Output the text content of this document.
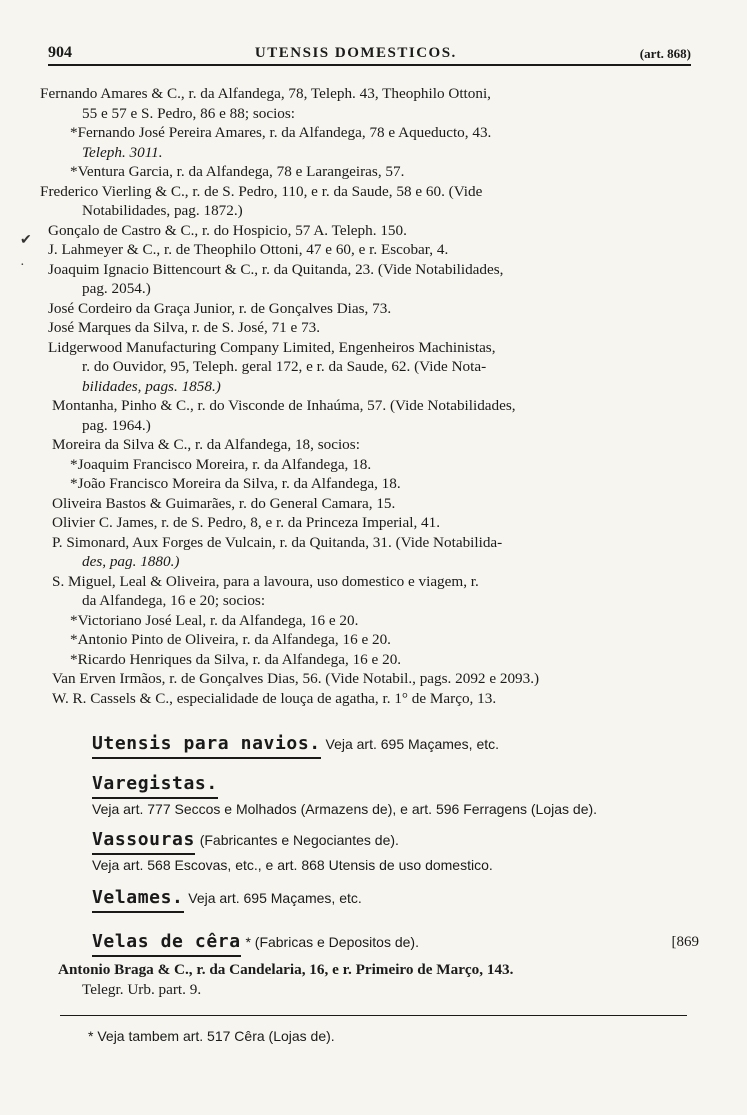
904	UTENSIS DOMESTICOS.	(art. 868)
Fernando Amares & C., r. da Alfandega, 78, Teleph. 43, Theophilo Ottoni,
55 e 57 e S. Pedro, 86 e 88; socios:
*Fernando José Pereira Amares, r. da Alfandega, 78 e Aqueducto, 43.
Teleph. 3011.
*Ventura Garcia, r. da Alfandega, 78 e Larangeiras, 57.
Frederico Vierling & C., r. de S. Pedro, 110, e r. da Saude, 58 e 60. (Vide
Notabilidades, pag. 1872.)
Gonçalo de Castro & C., r. do Hospicio, 57 A. Teleph. 150.
J. Lahmeyer & C., r. de Theophilo Ottoni, 47 e 60, e r. Escobar, 4.
Joaquim Ignacio Bittencourt & C., r. da Quitanda, 23. (Vide Notabilidades,
pag. 2054.)
José Cordeiro da Graça Junior, r. de Gonçalves Dias, 73.
José Marques da Silva, r. de S. José, 71 e 73.
Lidgerwood Manufacturing Company Limited, Engenheiros Machinistas,
r. do Ouvidor, 95, Teleph. geral 172, e r. da Saude, 62. (Vide Nota-
bilidades, pags. 1858.)
Montanha, Pinho & C., r. do Visconde de Inhaúma, 57. (Vide Notabilidades,
pag. 1964.)
Moreira da Silva & C., r. da Alfandega, 18, socios:
*Joaquim Francisco Moreira, r. da Alfandega, 18.
*João Francisco Moreira da Silva, r. da Alfandega, 18.
Oliveira Bastos & Guimarães, r. do General Camara, 15.
Olivier C. James, r. de S. Pedro, 8, e r. da Princeza Imperial, 41.
P. Simonard, Aux Forges de Vulcain, r. da Quitanda, 31. (Vide Notabilida-
des, pag. 1880.)
S. Miguel, Leal & Oliveira, para a lavoura, uso domestico e viagem, r.
da Alfandega, 16 e 20; socios:
*Victoriano José Leal, r. da Alfandega, 16 e 20.
*Antonio Pinto de Oliveira, r. da Alfandega, 16 e 20.
*Ricardo Henriques da Silva, r. da Alfandega, 16 e 20.
Van Erven Irmãos, r. de Gonçalves Dias, 56. (Vide Notabil., pags. 2092 e 2093.)
W. R. Cassels & C., especialidade de louça de agatha, r. 1° de Março, 13.
Utensis para navios. Veja art. 695 Maçames, etc.
Varegistas.
Veja art. 777 Seccos e Molhados (Armazens de), e art. 596 Ferragens (Lojas de).
Vassouras (Fabricantes e Negociantes de).
Veja art. 568 Escovas, etc., e art. 868 Utensis de uso domestico.
Velames. Veja art. 695 Maçames, etc.
Velas de cêra * (Fabricas e Depositos de).	[869
Antonio Braga & C., r. da Candelaria, 16, e r. Primeiro de Março, 143.
Telegr. Urb. part. 9.
* Veja tambem art. 517 Cêra (Lojas de).
✔
·
